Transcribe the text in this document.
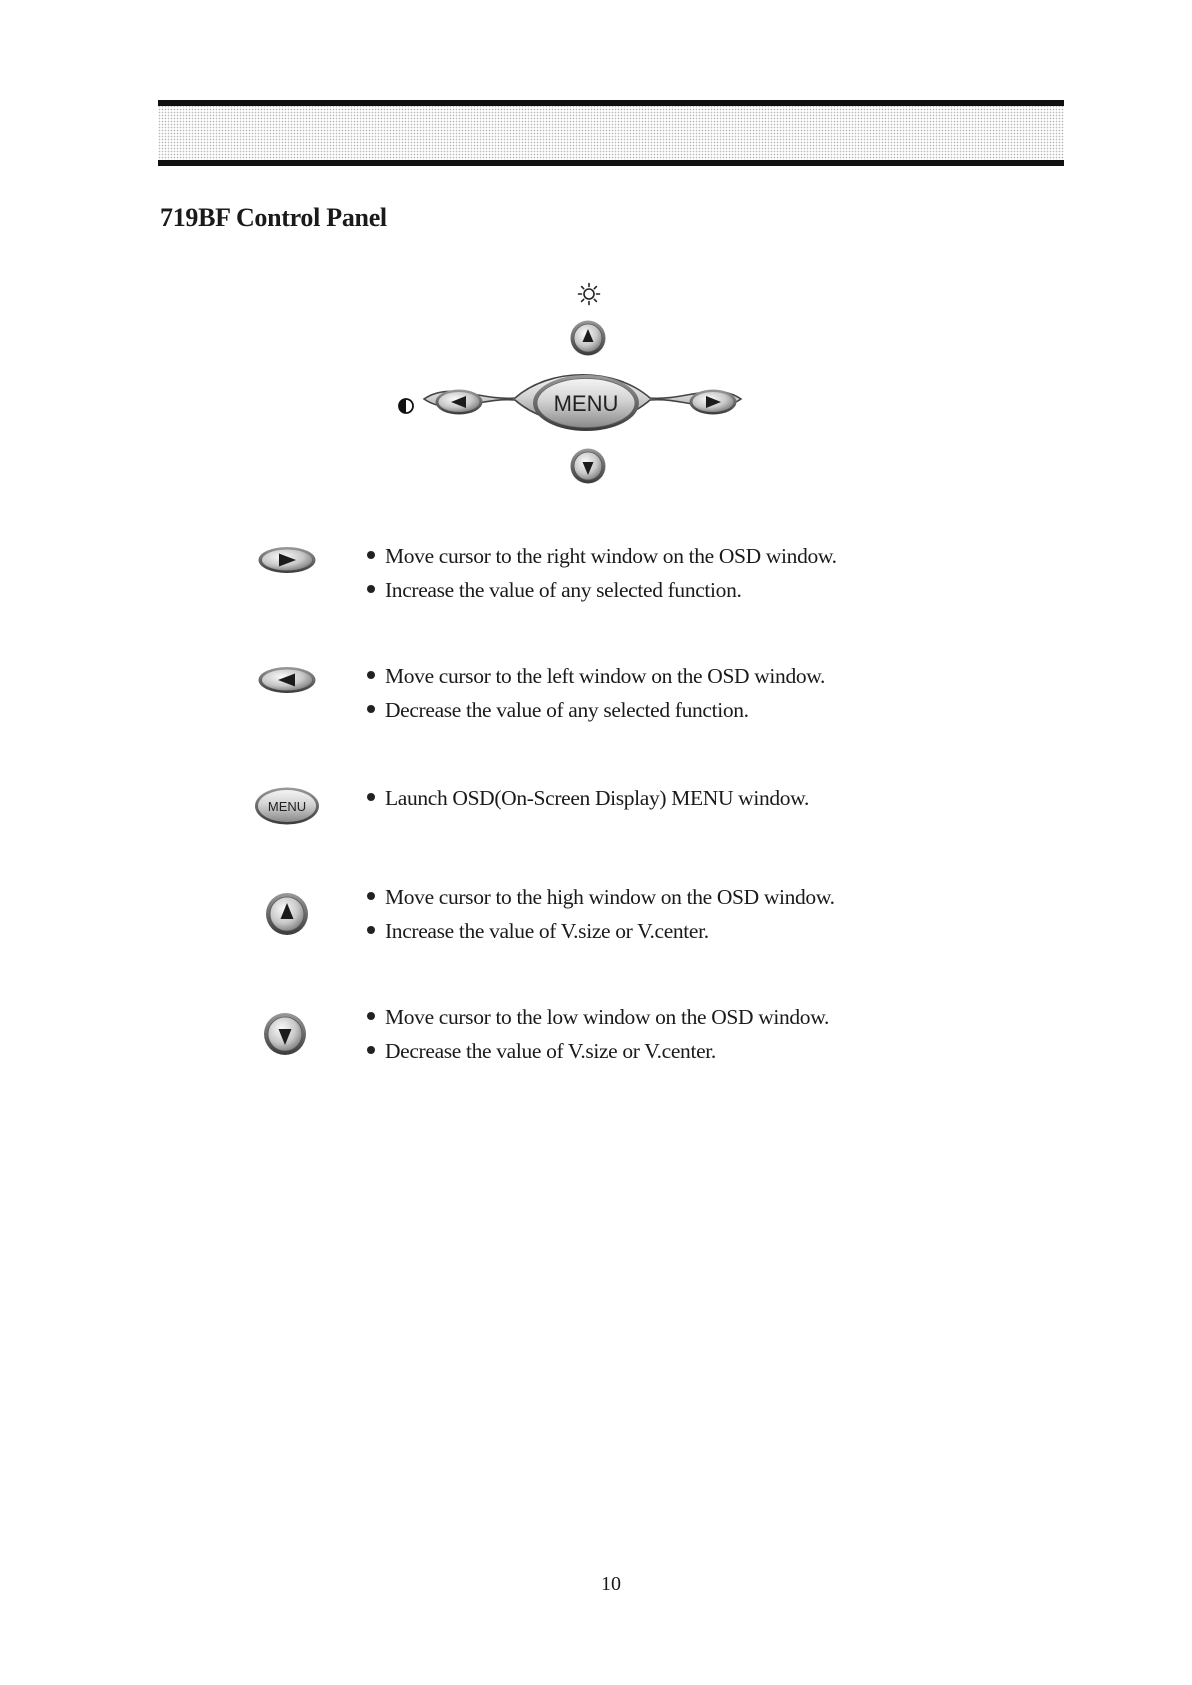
719BF Control Panel
MENU
Move cursor to the right window on the OSD window.
Increase the value of any selected function.
Move cursor to the left window on the OSD window.
Decrease the value of any selected function.
MENU	Launch OSD(On-Screen Display) MENU window.
Move cursor to the high window on the OSD window.
Increase the value of V.size or V.center.
Move cursor to the low window on the OSD window.
Decrease the value of V.size or V.center.
10
